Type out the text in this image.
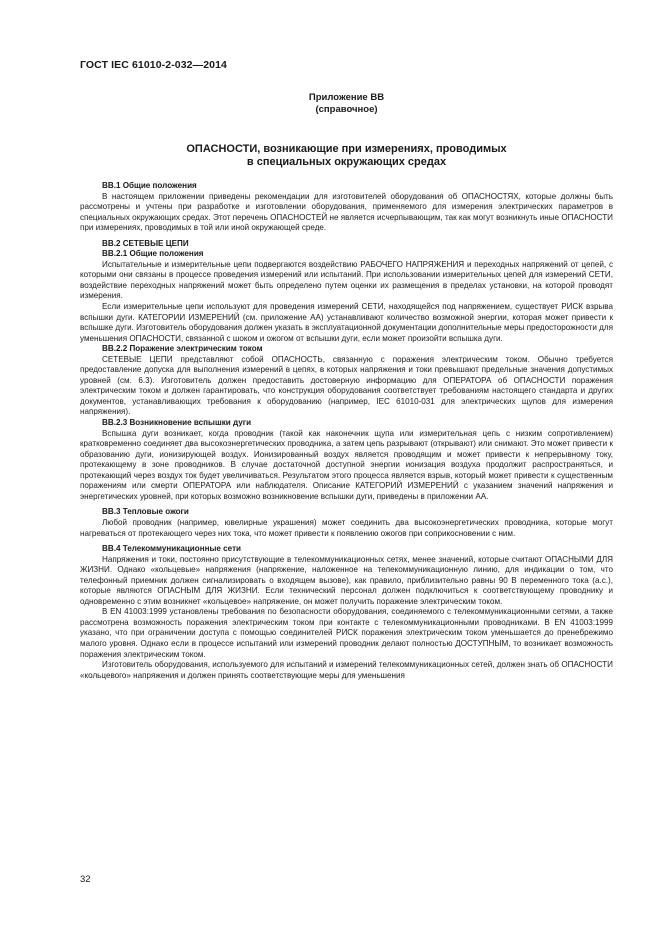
ГОСТ IEC 61010-2-032—2014
Приложение ВВ
(справочное)
ОПАСНОСТИ, возникающие при измерениях, проводимых
в специальных окружающих средах

ВВ.1 Общие положения

В настоящем приложении приведены рекомендации для изготовителей оборудования об ОПАСНОСТЯХ, которые должны быть рассмотрены и учтены при разработке и изготовлении оборудования, применяемого для измерения электрических параметров в специальных окружающих средах. Этот перечень ОПАСНОСТЕЙ не является исчерпывающим, так как могут возникнуть иные ОПАСНОСТИ при измерениях, проводимых в той или иной окружающей среде.

ВВ.2 СЕТЕВЫЕ ЦЕПИ

ВВ.2.1 Общие положения

Испытательные и измерительные цепи подвергаются воздействию РАБОЧЕГО НАПРЯЖЕНИЯ и переходных напряжений от цепей, с которыми они связаны в процессе проведения измерений или испытаний. При использовании измерительных цепей для измерений СЕТИ, воздействие переходных напряжений может быть определено путем оценки их размещения в пределах установки, на которой проводят измерения.

Если измерительные цепи используют для проведения измерений СЕТИ, находящейся под напряжением, существует РИСК взрыва вспышки дуги. КАТЕГОРИИ ИЗМЕРЕНИЙ (см. приложение АА) устанавливают количество возможной энергии, которая может привести к вспышке дуги. Изготовитель оборудования должен указать в эксплуатационной документации дополнительные меры предосторожности для уменьшения ОПАСНОСТИ, связанной с шоком и ожогом от вспышки дуги, если может произойти вспышка дуги.

ВВ.2.2 Поражение электрическим током

СЕТЕВЫЕ ЦЕПИ представляют собой ОПАСНОСТЬ, связанную с поражения электрическим током. Обычно требуется предоставление допуска для выполнения измерений в цепях, в которых напряжения и токи превышают предельные значения допустимых уровней (см. 6.3). Изготовитель должен предоставить достоверную информацию для ОПЕРАТОРА об ОПАСНОСТИ поражения электрическим током и должен гарантировать, что конструкция оборудования соответствует требованиям настоящего стандарта и других документов, устанавливающих требования к оборудованию (например, IEC 61010-031 для электрических щупов для измерения напряжения).

ВВ.2.3 Возникновение вспышки дуги

Вспышка дуги возникает, когда проводник (такой как наконечник щупа или измерительная цепь с низким сопротивлением) кратковременно соединяет два высокоэнергетических проводника, а затем цепь разрывают (открывают) или снимают. Это может привести к образованию дуги, ионизирующей воздух. Ионизированный воздух является проводящим и может привести к непрерывному току, протекающему в зоне проводников. В случае достаточной доступной энергии ионизация воздуха продолжит распространяться, и протекающий через воздух ток будет увеличиваться. Результатом этого процесса является взрыв, который может привести к существенным поражениям или смерти ОПЕРАТОРА или наблюдателя. Описание КАТЕГОРИЙ ИЗМЕРЕНИЙ с указанием значений напряжения и энергетических уровней, при которых возможно возникновение вспышки дуги, приведены в приложении АА.

ВВ.3 Тепловые ожоги

Любой проводник (например, ювелирные украшения) может соединить два высокоэнергетических проводника, которые могут нагреваться от протекающего через них тока, что может привести к появлению ожогов при соприкосновении с ним.

ВВ.4 Телекоммуникационные сети

Напряжения и токи, постоянно присутствующие в телекоммуникационных сетях, менее значений, которые считают ОПАСНЫМИ ДЛЯ ЖИЗНИ. Однако «кольцевые» напряжения (напряжение, наложенное на телекоммуникационную линию, для индикации о том, что телефонный приемник должен сигнализировать о входящем вызове), как правило, приблизительно равны 90 В переменного тока (а.с.), которые являются ОПАСНЫМ ДЛЯ ЖИЗНИ. Если технический персонал должен подключиться к соответствующему проводнику и одновременно с этим возникнет «кольцевое» напряжение, он может получить поражение электрическим током.

В EN 41003:1999 установлены требования по безопасности оборудования, соединяемого с телекоммуникационными сетями, а также рассмотрена возможность поражения электрическим током при контакте с телекоммуникационными проводниками. В EN 41003:1999 указано, что при ограничении доступа с помощью соединителей РИСК поражения электрическим током уменьшается до пренебрежимо малого уровня. Однако если в процессе испытаний или измерений проводник делают полностью ДОСТУПНЫМ, то возникает возможность поражения электрическим током.

Изготовитель оборудования, используемого для испытаний и измерений телекоммуникационных сетей, должен знать об ОПАСНОСТИ «кольцевого» напряжения и должен принять соответствующие меры для уменьшения

32
